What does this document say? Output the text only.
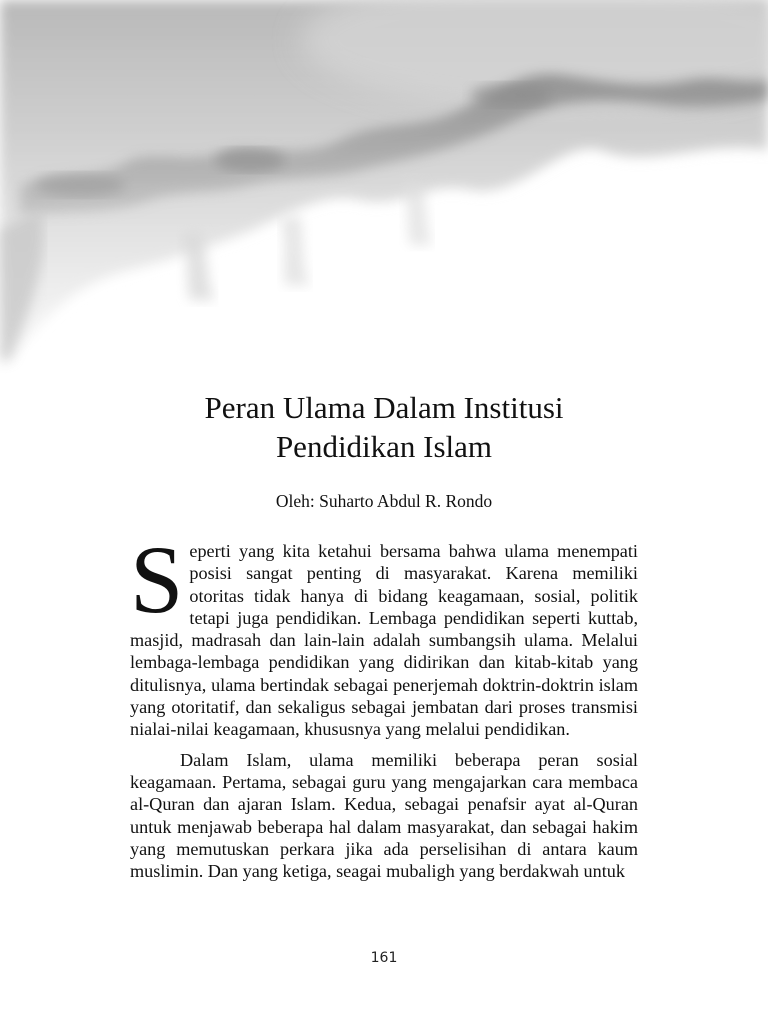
Peran Ulama Dalam Institusi
Pendidikan Islam
Oleh: Suharto Abdul R. Rondo

Seperti yang kita ketahui bersama bahwa ulama menempati posisi sangat penting di masyarakat. Karena memiliki otoritas tidak hanya di bidang keagamaan, sosial, politik tetapi juga pendidikan. Lembaga pendidikan seperti kuttab, masjid, madrasah dan lain-lain adalah sumbangsih ulama. Melalui lembaga-lembaga pendidikan yang didirikan dan kitab-kitab yang ditulisnya, ulama bertindak sebagai penerjemah doktrin-doktrin islam yang otoritatif, dan sekaligus sebagai jembatan dari proses transmisi nialai-nilai keagamaan, khususnya yang melalui pendidikan.

Dalam Islam, ulama memiliki beberapa peran sosial keagamaan. Pertama, sebagai guru yang mengajarkan cara membaca al-Quran dan ajaran Islam. Kedua, sebagai penafsir ayat al-Quran untuk menjawab beberapa hal dalam masyarakat, dan sebagai hakim yang memutuskan perkara jika ada perselisihan di antara kaum muslimin. Dan yang ketiga, seagai mubaligh yang berdakwah untuk

161
